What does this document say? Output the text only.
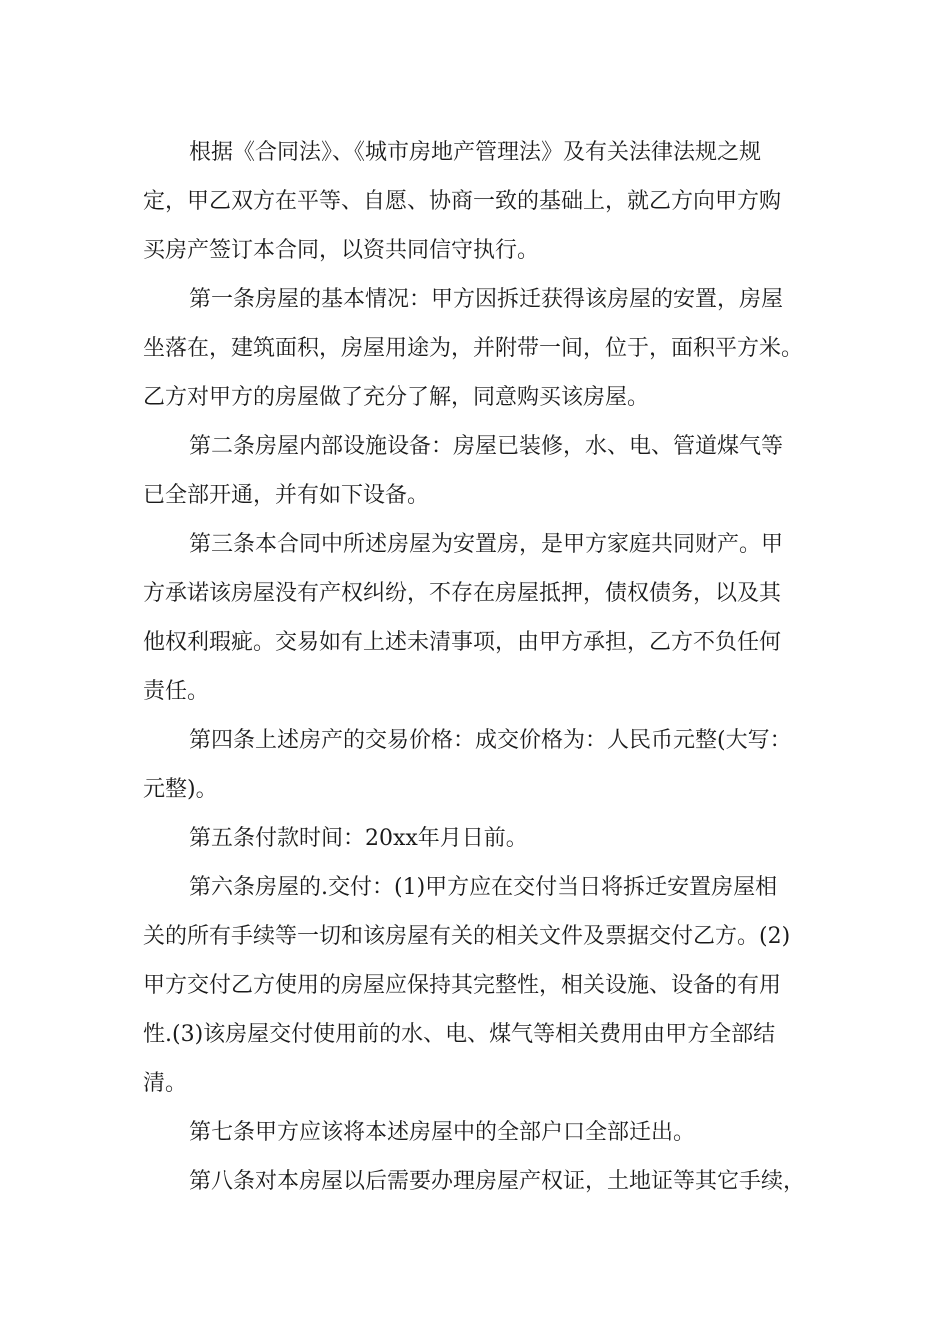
根据《合同法》、《城市房地产管理法》及有关法律法规之规
定，甲乙双方在平等、自愿、协商一致的基础上，就乙方向甲方购
买房产签订本合同，以资共同信守执行。
第一条房屋的基本情况：甲方因拆迁获得该房屋的安置，房屋
坐落在，建筑面积，房屋用途为，并附带一间，位于，面积平方米。
乙方对甲方的房屋做了充分了解，同意购买该房屋。
第二条房屋内部设施设备：房屋已装修，水、电、管道煤气等
已全部开通，并有如下设备。
第三条本合同中所述房屋为安置房，是甲方家庭共同财产。甲
方承诺该房屋没有产权纠纷，不存在房屋抵押，债权债务，以及其
他权利瑕疵。交易如有上述未清事项，由甲方承担，乙方不负任何
责任。
第四条上述房产的交易价格：成交价格为：人民币元整(大写：
元整)。
第五条付款时间：20xx年月日前。
第六条房屋的.交付：(1)甲方应在交付当日将拆迁安置房屋相
关的所有手续等一切和该房屋有关的相关文件及票据交付乙方。(2)
甲方交付乙方使用的房屋应保持其完整性，相关设施、设备的有用
性.(3)该房屋交付使用前的水、电、煤气等相关费用由甲方全部结
清。
第七条甲方应该将本述房屋中的全部户口全部迁出。
第八条对本房屋以后需要办理房屋产权证，土地证等其它手续，
